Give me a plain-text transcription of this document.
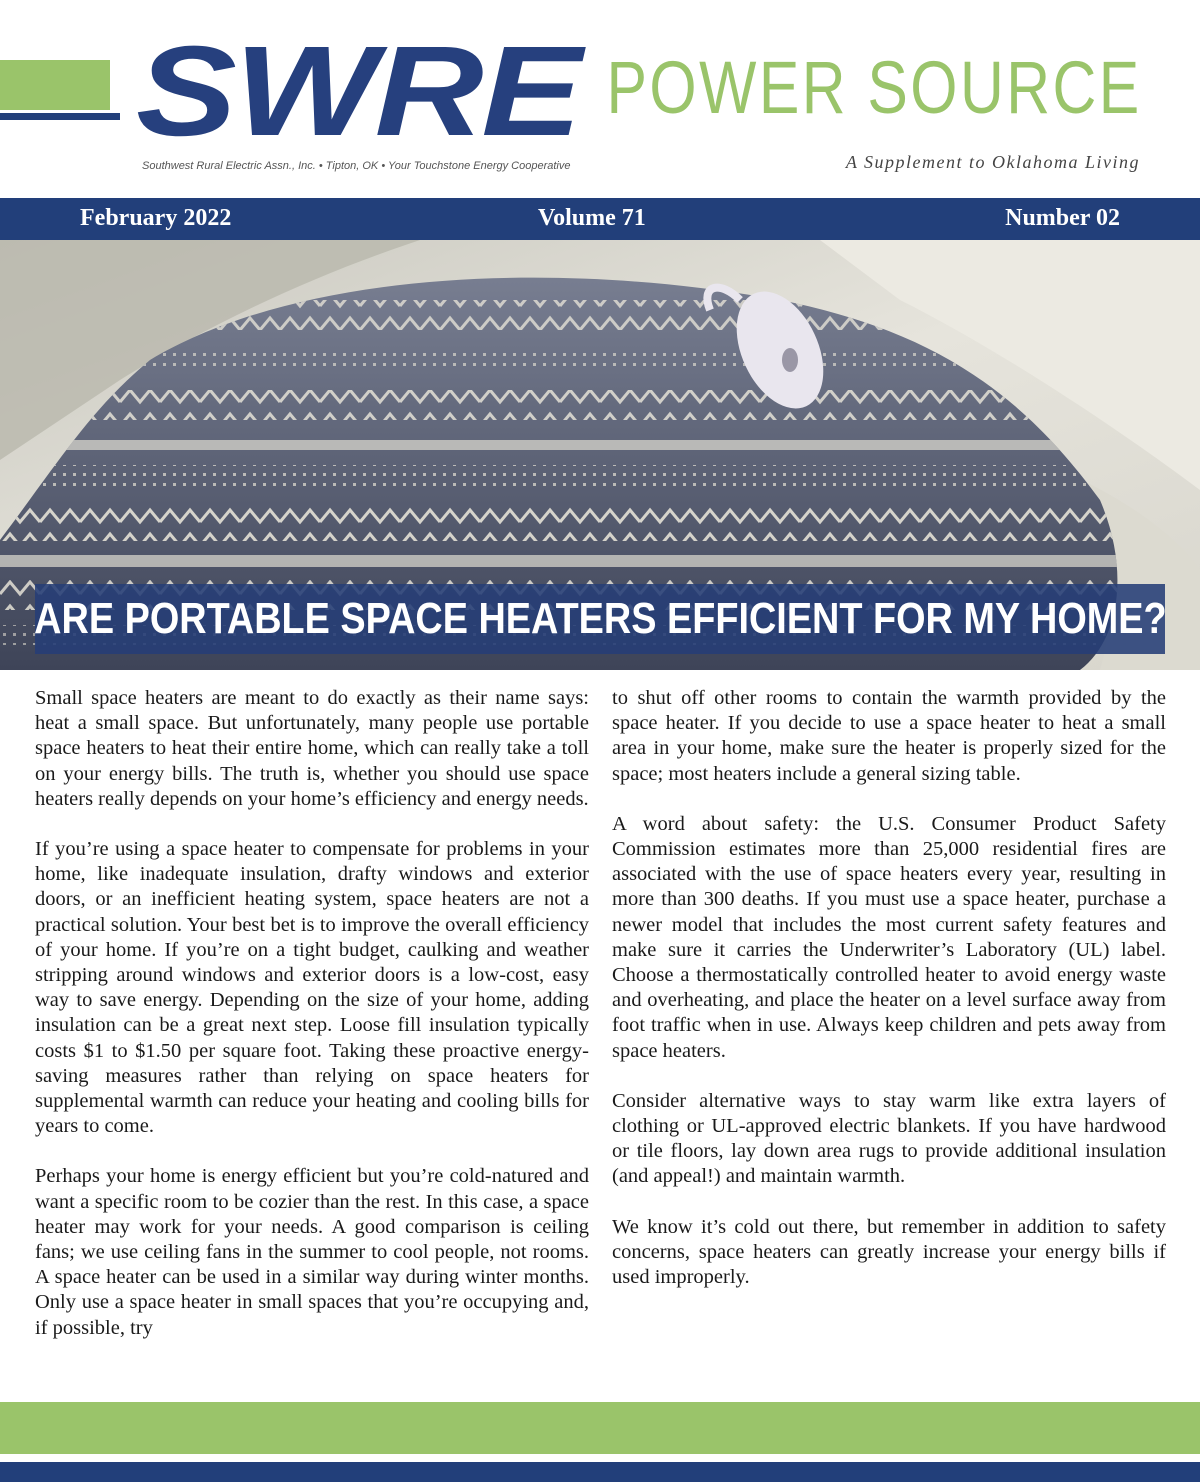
SWRE
Southwest Rural Electric Assn., Inc. • Tipton, OK • Your Touchstone Energy Cooperative
POWER SOURCE
A Supplement to Oklahoma Living
February 2022	Volume 71	Number 02
ARE PORTABLE SPACE HEATERS EFFICIENT FOR MY HOME?

Small space heaters are meant to do exactly as their name says: heat a small space. But unfortunately, many people use portable space heaters to heat their entire home, which can really take a toll on your energy bills. The truth is, whether you should use space heaters really depends on your home’s efficiency and energy needs.

If you’re using a space heater to compensate for problems in your home, like inadequate insulation, drafty windows and exterior doors, or an inefficient heating system, space heaters are not a practical solution. Your best bet is to improve the overall efficiency of your home. If you’re on a tight budget, caulking and weather stripping around windows and exterior doors is a low-cost, easy way to save energy. Depending on the size of your home, adding insulation can be a great next step. Loose fill insulation typically costs $1 to $1.50 per square foot. Taking these proactive energy-saving measures rather than relying on space heaters for supplemental warmth can reduce your heating and cooling bills for years to come.

Perhaps your home is energy efficient but you’re cold-natured and want a specific room to be cozier than the rest. In this case, a space heater may work for your needs. A good comparison is ceiling fans; we use ceiling fans in the summer to cool people, not rooms. A space heater can be used in a similar way during winter months. Only use a space heater in small spaces that you’re occupying and, if possible, try

to shut off other rooms to contain the warmth provided by the space heater. If you decide to use a space heater to heat a small area in your home, make sure the heater is properly sized for the space; most heaters include a general sizing table.

A word about safety: the U.S. Consumer Product Safety Commission estimates more than 25,000 residential fires are associated with the use of space heaters every year, resulting in more than 300 deaths. If you must use a space heater, purchase a newer model that includes the most current safety features and make sure it carries the Underwriter’s Laboratory (UL) label. Choose a thermostatically controlled heater to avoid energy waste and overheating, and place the heater on a level surface away from foot traffic when in use. Always keep children and pets away from space heaters.

Consider alternative ways to stay warm like extra layers of clothing or UL-approved electric blankets. If you have hardwood or tile floors, lay down area rugs to provide additional insulation (and appeal!) and maintain warmth.

We know it’s cold out there, but remember in addition to safety concerns, space heaters can greatly increase your energy bills if used improperly.
